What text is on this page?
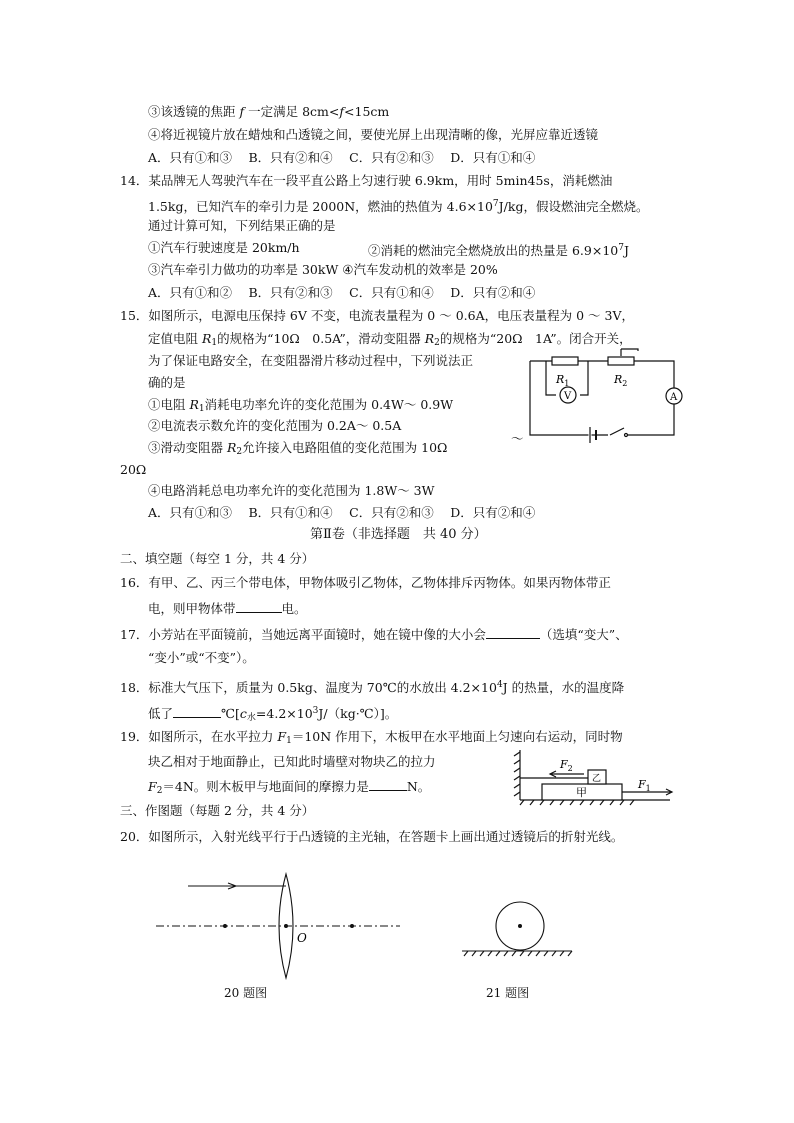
③该透镜的焦距 f 一定满足 8cm<f<15cm
④将近视镜片放在蜡烛和凸透镜之间，要使光屏上出现清晰的像，光屏应靠近透镜
A．只有①和③　 B．只有②和④　 C．只有②和③　 D．只有①和④
14．某品牌无人驾驶汽车在一段平直公路上匀速行驶 6.9km，用时 5min45s，消耗燃油
1.5kg，已知汽车的牵引力是 2000N，燃油的热值为 $4.6\times 10^7J/kg$，假设燃油完全燃烧。
通过计算可知，下列结果正确的是
①汽车行驶速度是 20km/h	②消耗的燃油完全燃烧放出的热量是 $6.9\times 10^7J$
③汽车牵引力做功的功率是 30kW ④汽车发动机的效率是 20%
A．只有①和②　 B．只有②和③　 C．只有①和④　 D．只有②和④
15．如图所示，电源电压保持 6V 不变，电流表量程为 0 ～ 0.6A，电压表量程为 0 ～ 3V，
定值电阻 $R_1$的规格为“10Ω　0.5A”，滑动变阻器 $R_2$的规格为“20Ω　1A”。闭合开关，
为了保证电路安全，在变阻器滑片移动过程中，下列说法正
确的是
①电阻 $R_1$消耗电功率允许的变化范围为 0.4W～ 0.9W
②电流表示数允许的变化范围为 0.2A～ 0.5A
③滑动变阻器 $R_2$允许接入电路阻值的变化范围为 10Ω
～
20Ω
④电路消耗总电功率允许的变化范围为 1.8W～ 3W
A．只有①和③　 B．只有①和④　 C．只有②和③　 D．只有②和④
$R_1$	$R_2$
V	A
第Ⅱ卷（非选择题　共 40 分）
二、填空题（每空 1 分，共 4 分）
16．有甲、乙、丙三个带电体，甲物体吸引乙物体，乙物体排斥丙物体。如果丙物体带正
电，则甲物体带	电。
17．小芳站在平面镜前，当她远离平面镜时，她在镜中像的大小会	（选填“变大”、
“变小”或“不变”）。
18．标准大气压下，质量为 0.5kg、温度为 70℃的水放出 $4.2\times 10^4J$ 的热量，水的温度降
低了	$℃[c_水=4.2\times 10^3J/(kg\cdot℃)]$。
19．如图所示，在水平拉力 $F_1=10N$ 作用下，木板甲在水平地面上匀速向右运动，同时物
块乙相对于地面静止，已知此时墙壁对物块乙的拉力
$F_2=4N$。则木板甲与地面间的摩擦力是	N。
$F_2$
$F_1$
甲
乙
三、作图题（每题 2 分，共 4 分）
20．如图所示，入射光线平行于凸透镜的主光轴，在答题卡上画出通过透镜后的折射光线。
O
20 题图	21 题图
